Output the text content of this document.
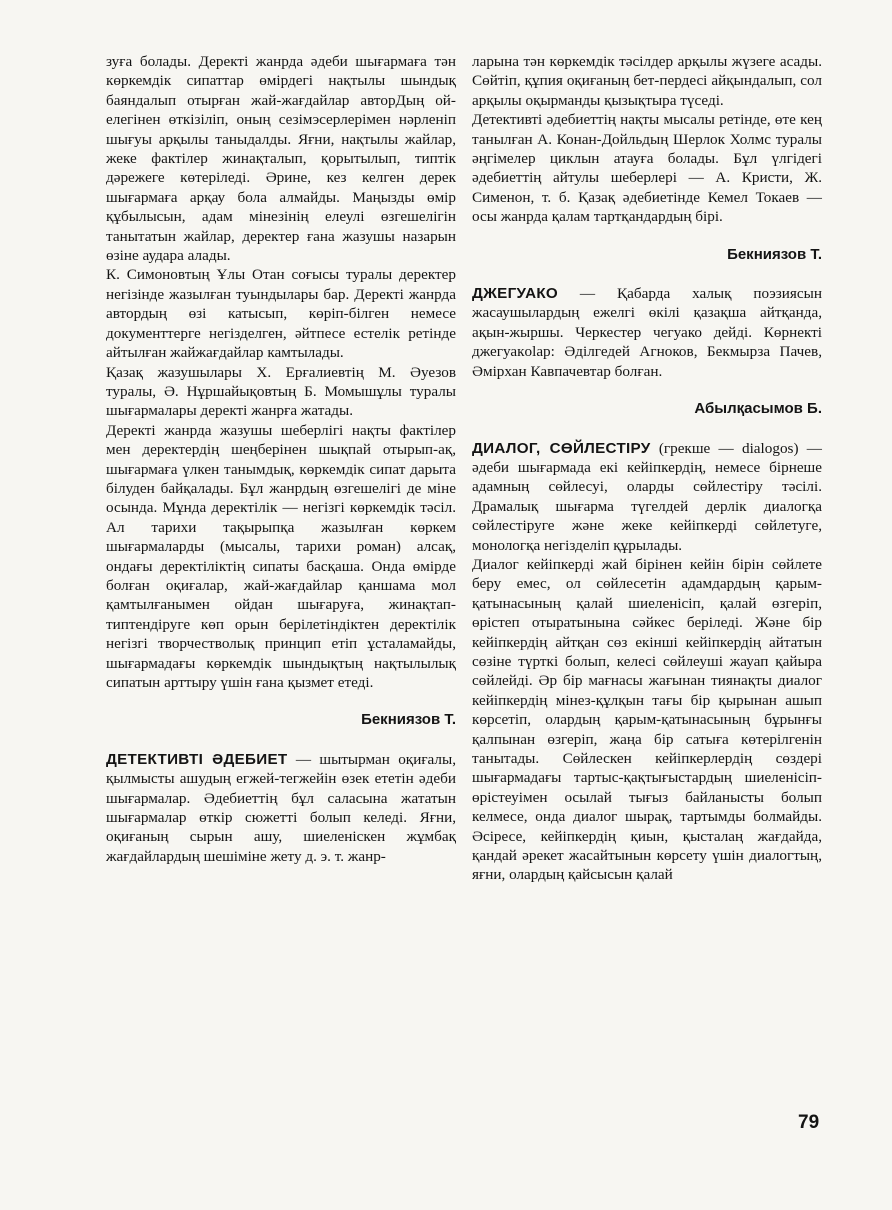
зуға болады. Деректі жанрда әдеби шығармаға тән көркемдік сипаттар өмірдегі нақтылы шындық баяндалып отырған жай-жағдайлар авторДың ой-елегінен өткізіліп, оның сезімэсерлерімен нәрленіп шығуы арқылы таныдалды. Яғни, нақтылы жайлар, жеке фактілер жинақталып, қорытылып, типтік дәрежеге көтеріледі. Әрине, кез келген дерек шығармаға арқау бола алмайды. Маңызды өмір құбылысын, адам мінезінің елеулі өзгешелігін танытатын жайлар, деректер ғана жазушы назарын өзіне аудара алады.

К. Симоновтың Ұлы Отан соғысы туралы деректер негізінде жазылған туындылары бар. Деректі жанрда автордың өзі катысып, көріп-білген немесе документтерге негізделген, әйтпесе естелік ретінде айтылған жайжағдайлар камтылады.

Қазақ жазушылары Х. Ерғалиевтің М. Әуезов туралы, Ә. Нұршайықовтың Б. Момышұлы туралы шығармалары деректі жанрға жатады.

Деректі жанрда жазушы шеберлігі нақты фактілер мен деректердің шеңберінен шықпай отырып-ақ, шығармаға үлкен танымдық, көркемдік сипат дарыта білуден байқалады. Бұл жанрдың өзгешелігі де міне осында. Мұнда деректілік — негізгі көркемдік тәсіл. Ал тарихи тақырыпқа жазылған көркем шығармаларды (мысалы, тарихи роман) алсақ, ондағы деректіліктің сипаты басқаша. Онда өмірде болған оқиғалар, жай-жағдайлар қаншама мол қамтылғанымен ойдан шығаруға, жинақтап-типтендіруге көп орын берілетіндіктен деректілік негізгі творчестволық принцип етіп ұсталамайды, шығармадағы көркемдік шындықтың нақтылылық сипатын арттыру үшін ғана қызмет етеді.

Бекниязов Т.

ДЕТЕКТИВТІ ӘДЕБИЕТ — шытырман оқиғалы, қылмысты ашудың егжей-тегжейін өзек ететін әдеби шығармалар. Әдебиеттің бұл саласына жататын шығармалар өткір сюжетті болып келеді. Яғни, оқиғаның сырын ашу, шиеленіскен жұмбақ жағдайлардың шешіміне жету д. э. т. жанр-

ларына тән көркемдік тәсілдер арқылы жүзеге асады. Сөйтіп, құпия оқиғаның бет-пердесі айқындалып, сол арқылы оқырманды қызықтыра түседі.

Детективті әдебиеттің нақты мысалы ретінде, өте кең танылған А. Конан-Дойльдың Шерлок Холмс туралы әңгімелер циклын атауға болады. Бұл үлгідегі әдебиеттің айтулы шеберлері — А. Кристи, Ж. Сименон, т. б. Қазақ әдебиетінде Кемел Токаев — осы жанрда қалам тартқандардың бірі.

Бекниязов Т.

ДЖЕГУАКО — Қабарда халық поэзиясын жасаушылардың ежелгі өкілі қазақша айтқанда, ақын-жыршы. Черкестер чегуако дейді. Көрнекті джегуакolар: Әділгедей Агноков, Бекмырза Пачев, Әмірхан Кавпачевтар болған.

Абылқасымов Б.

ДИАЛОГ, СӨЙЛЕСТІРУ (грекше — dialogos) — әдеби шығармада екі кейіпкердің, немесе бірнеше адамның сөйлесуі, оларды сөйлестіру тәсілі. Драмалық шығарма түгелдей дерлік диалогқа сөйлестіруге және жеке кейіпкерді сөйлетуге, монологқа негізделіп құрылады.

Диалог кейіпкерді жай бірінен кейін бірін сөйлете беру емес, ол сөйлесетін адамдардың қарым-қатынасының қалай шиеленісіп, қалай өзгеріп, өрістеп отыратынына сәйкес беріледі. Және бір кейіпкердің айтқан сөз екінші кейіпкердің айтатын сөзіне түрткі болып, келесі сөйлеушi жауап қайыра сөйлейді. Әр бір мағнасы жағынан тиянақты диалог кейіпкердің мінез-құлқын тағы бір қырынан ашып көрсетіп, олардың қарым-қатынасының бұрынғы қалпынан өзгеріп, жаңа бір сатыға көтерілгенін танытады. Сөйлескен кейіпкерлердің сөздері шығармадағы тартыс-қақтығыстардың шиеленісіп-өрістеуімен осылай тығыз байланысты болып келмесе, онда диалог шырақ, тартымды болмайды. Әсіресе, кейіпкердің қиын, қысталаң жағдайда, қандай әрекет жасайтынын көрсету үшін диалогтың, яғни, олардың қайсысын қалай

79
